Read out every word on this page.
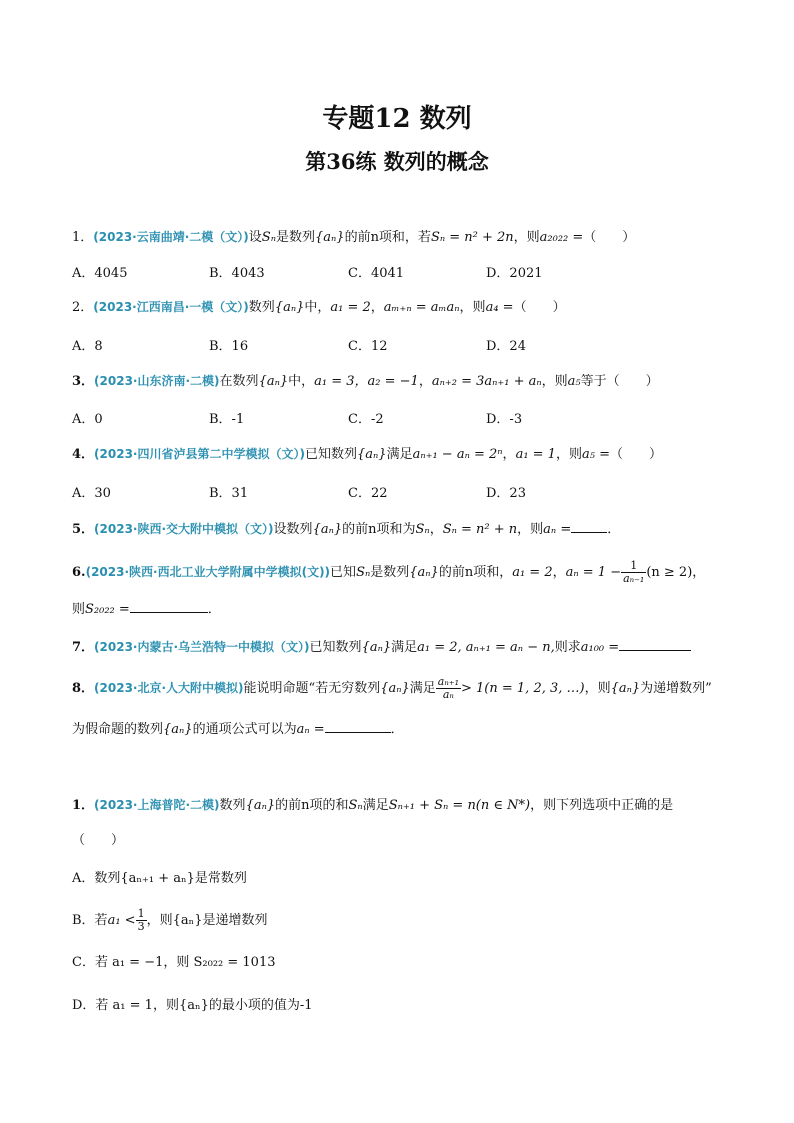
专题12 数列
第36练 数列的概念
1．(2023·云南曲靖·二模（文）)设Sₙ是数列{aₙ}的前n项和，若Sₙ = n² + 2n，则a₂₀₂₂ =（　　）
A．4045	B．4043	C．4041	D．2021
2．(2023·江西南昌·一模（文）)数列{aₙ}中，a₁ = 2，aₘ₊ₙ = aₘaₙ，则a₄ =（　　）
A．8	B．16	C．12	D．24
3．(2023·山东济南·二模)在数列{aₙ}中，a₁ = 3，a₂ = −1，aₙ₊₂ = 3aₙ₊₁ + aₙ，则a₅等于（　　）
A．0	B．-1	C．-2	D．-3
4．(2023·四川省泸县第二中学模拟（文）)已知数列{aₙ}满足aₙ₊₁ − aₙ = 2ⁿ，a₁ = 1，则a₅ =（　　）
A．30	B．31	C．22	D．23
5．(2023·陕西·交大附中模拟（文）)设数列{aₙ}的前n项和为Sₙ，Sₙ = n² + n，则aₙ =	．
6.(2023·陕西·西北工业大学附属中学模拟(文))已知Sₙ是数列{aₙ}的前n项和，a₁ = 2，$a_n = 1 - \frac{1}{\text{aₙ₋₁}} (n \ge 2)$，
则S₂₀₂₂ =	．
7．(2023·内蒙古·乌兰浩特一中模拟（文）)已知数列{aₙ}满足a₁ = 2, aₙ₊₁ = aₙ − n,则求a₁₀₀ =
8．(2023·北京·人大附中模拟)能说明命题“若无穷数列{aₙ}满足 $\frac{\text{aₙ₊₁}}{\text{aₙ}} > 1(n = 1$, 2, 3, …)，则{aₙ}为递增数列”
为假命题的数列{aₙ}的通项公式可以为aₙ =	．
1．(2023·上海普陀·二模)数列{aₙ}的前n项的和Sₙ满足Sₙ₊₁ + Sₙ = n(n ∈ N*)，则下列选项中正确的是
（　　）
A．数列{aₙ₊₁ + aₙ}是常数列
B．若$a_1 < \frac{1}{3}$ ，则{aₙ}是递增数列
C．若 a₁ = −1，则 S₂₀₂₂ = 1013
D．若 a₁ = 1，则{aₙ}的最小项的值为-1
